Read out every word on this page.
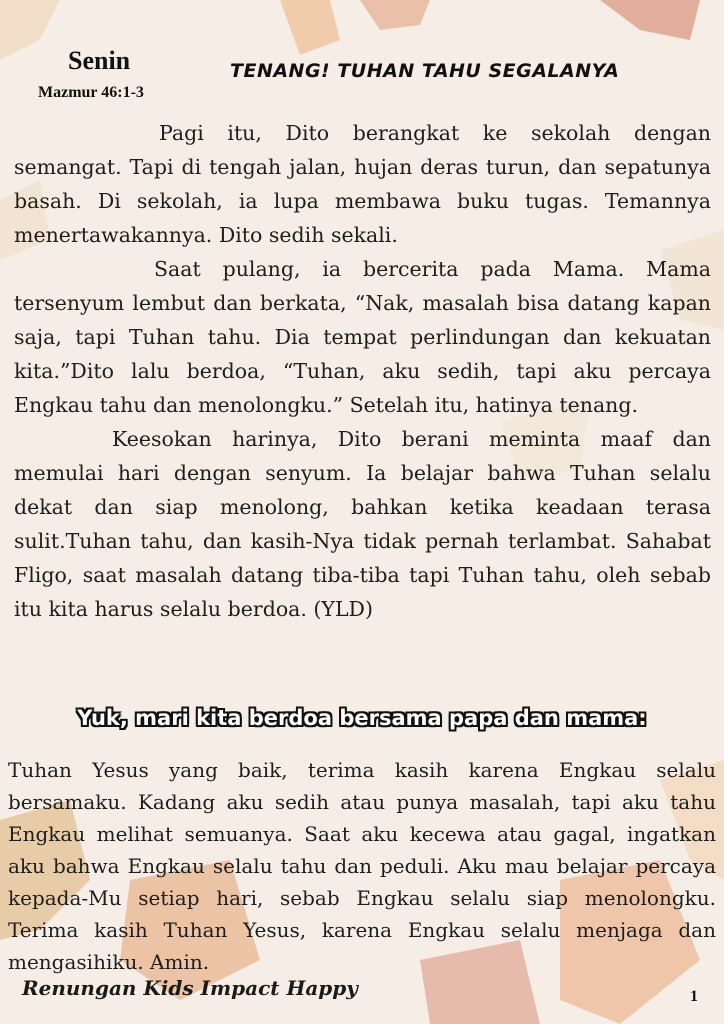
Senin
Mazmur 46:1-3
TENANG! TUHAN TAHU SEGALANYA

Pagi itu, Dito berangkat ke sekolah dengan semangat. Tapi di tengah jalan, hujan deras turun, dan sepatunya basah. Di sekolah, ia lupa membawa buku tugas. Temannya menertawakannya. Dito sedih sekali.

Saat pulang, ia bercerita pada Mama. Mama tersenyum lembut dan berkata, “Nak, masalah bisa datang kapan saja, tapi Tuhan tahu. Dia tempat perlindungan dan kekuatan kita.”Dito lalu berdoa, “Tuhan, aku sedih, tapi aku percaya Engkau tahu dan menolongku.” Setelah itu, hatinya tenang.

Keesokan harinya, Dito berani meminta maaf dan memulai hari dengan senyum. Ia belajar bahwa Tuhan selalu dekat dan siap menolong, bahkan ketika keadaan terasa sulit.Tuhan tahu, dan kasih-Nya tidak pernah terlambat. Sahabat Fligo, saat masalah datang tiba-tiba tapi Tuhan tahu, oleh sebab itu kita harus selalu berdoa. (YLD)

Yuk, mari kita berdoa bersama papa dan mama:

Tuhan Yesus yang baik, terima kasih karena Engkau selalu bersamaku. Kadang aku sedih atau punya masalah, tapi aku tahu Engkau melihat semuanya. Saat aku kecewa atau gagal, ingatkan aku bahwa Engkau selalu tahu dan peduli. Aku mau belajar percaya kepada-Mu setiap hari, sebab Engkau selalu siap menolongku. Terima kasih Tuhan Yesus, karena Engkau selalu menjaga dan mengasihiku. Amin.

Renungan Kids Impact Happy	1
